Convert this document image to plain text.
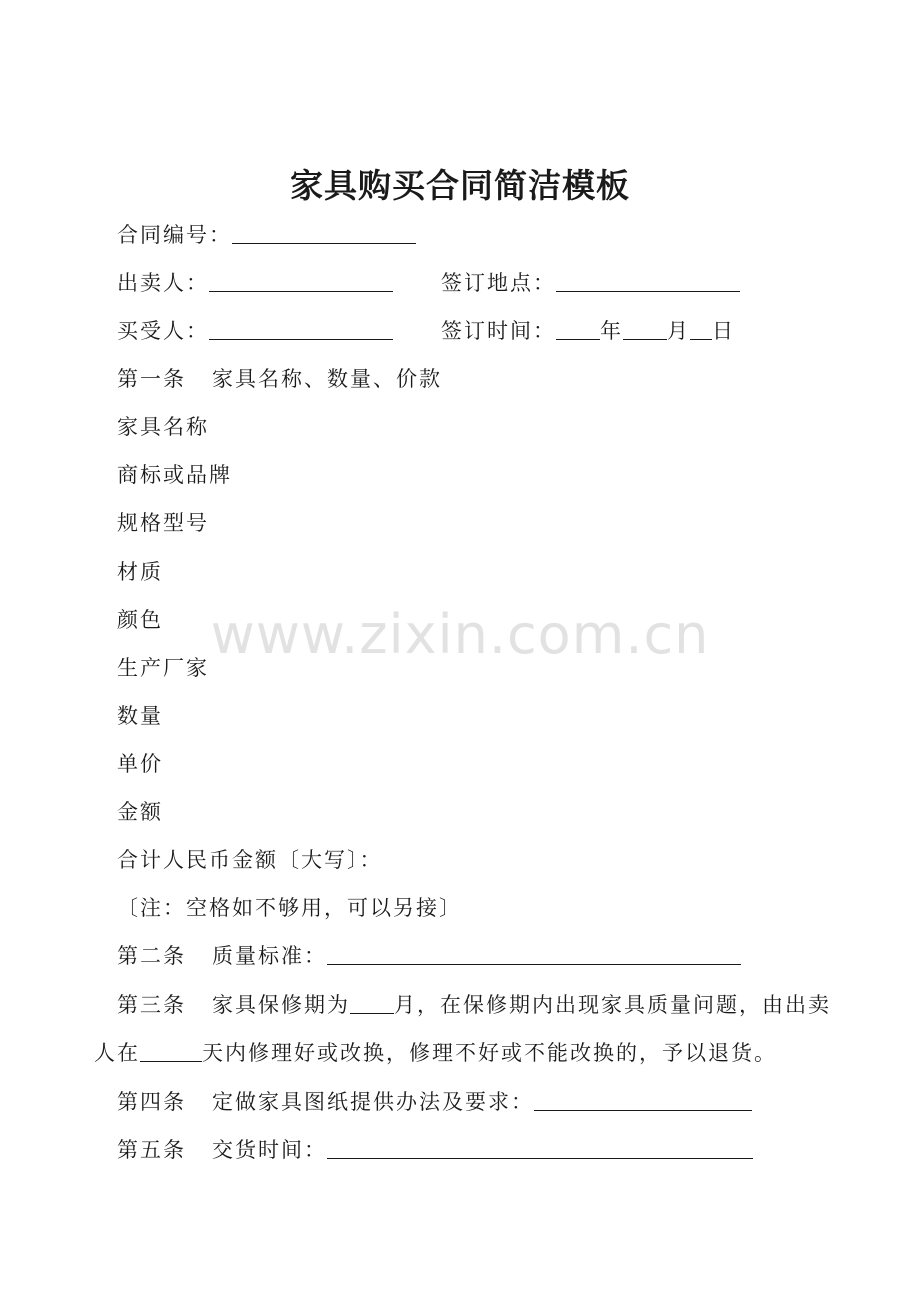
家具购买合同简洁模板
合同编号：
出卖人：	签订地点：
买受人：	签订时间： 年 月 日
第一条 家具名称、数量、价款
家具名称
商标或品牌
规格型号
材质
颜色
生产厂家
数量
单价
金额
合计人民币金额〔大写〕：
〔注：空格如不够用，可以另接〕
第二条 质量标准：
第三条 家具保修期为 月，在保修期内出现家具质量问题，由出卖
人在	天内修理好或改换，修理不好或不能改换的，予以退货。
第四条 定做家具图纸提供办法及要求：
第五条 交货时间：
www.zixin.com.cn
